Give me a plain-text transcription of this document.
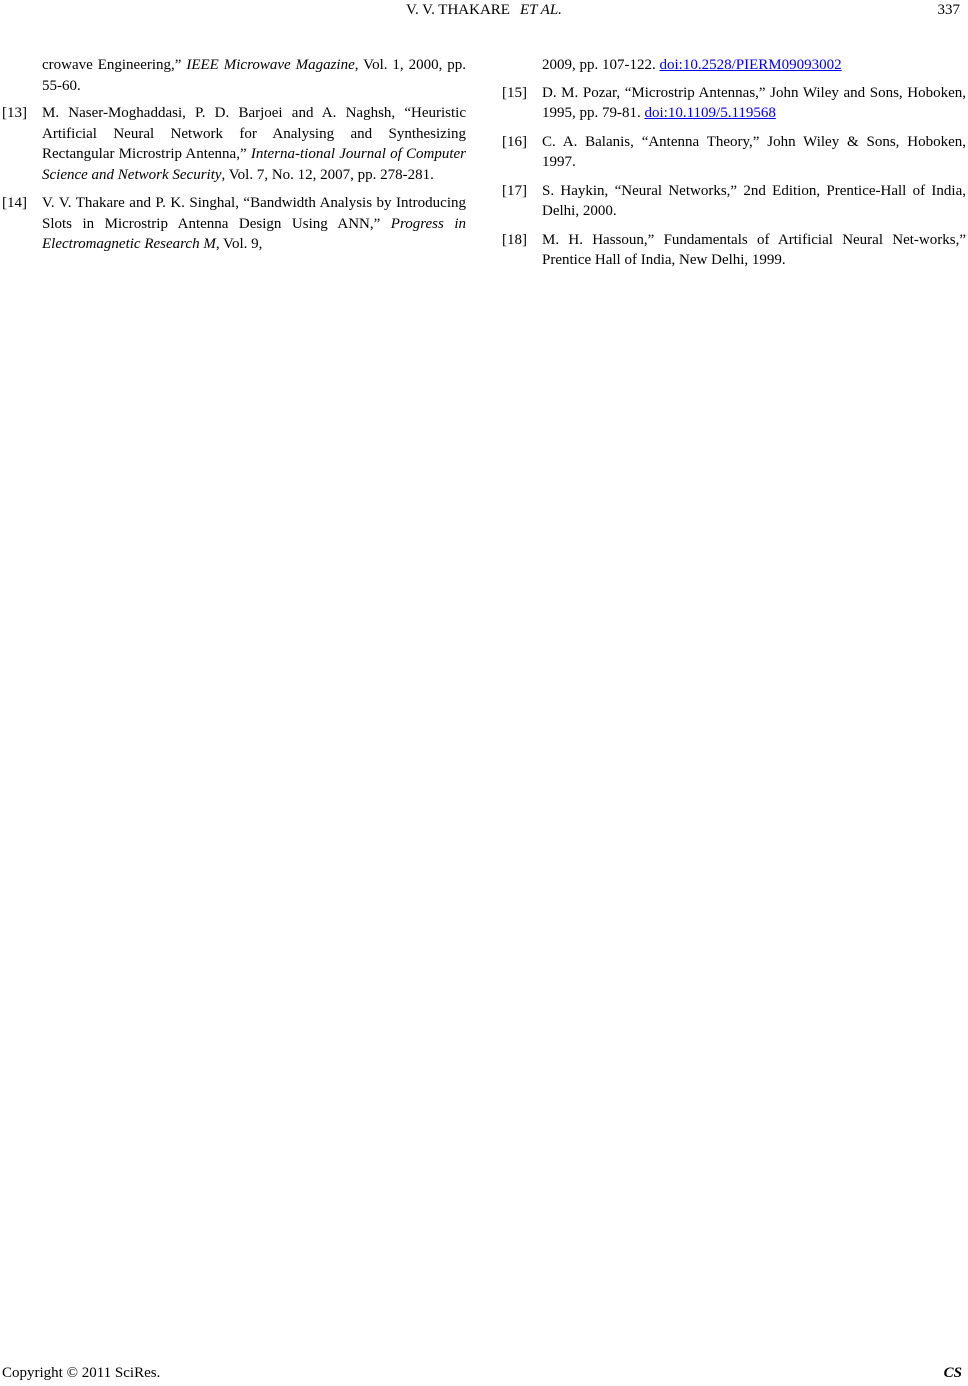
V. V. THAKARE ET AL.	337
crowave Engineering,” IEEE Microwave Magazine, Vol. 1, 2000, pp. 55-60.
[13] M. Naser-Moghaddasi, P. D. Barjoei and A. Naghsh, “Heuristic Artificial Neural Network for Analysing and Synthesizing Rectangular Microstrip Antenna,” Interna-tional Journal of Computer Science and Network Security, Vol. 7, No. 12, 2007, pp. 278-281.
[14] V. V. Thakare and P. K. Singhal, “Bandwidth Analysis by Introducing Slots in Microstrip Antenna Design Using ANN,” Progress in Electromagnetic Research M, Vol. 9,
2009, pp. 107-122. doi:10.2528/PIERM09093002
[15] D. M. Pozar, “Microstrip Antennas,” John Wiley and Sons, Hoboken, 1995, pp. 79-81. doi:10.1109/5.119568
[16] C. A. Balanis, “Antenna Theory,” John Wiley & Sons, Hoboken, 1997.
[17] S. Haykin, “Neural Networks,” 2nd Edition, Prentice-Hall of India, Delhi, 2000.
[18] M. H. Hassoun,” Fundamentals of Artificial Neural Net-works,” Prentice Hall of India, New Delhi, 1999.
Copyright © 2011 SciRes.	CS
